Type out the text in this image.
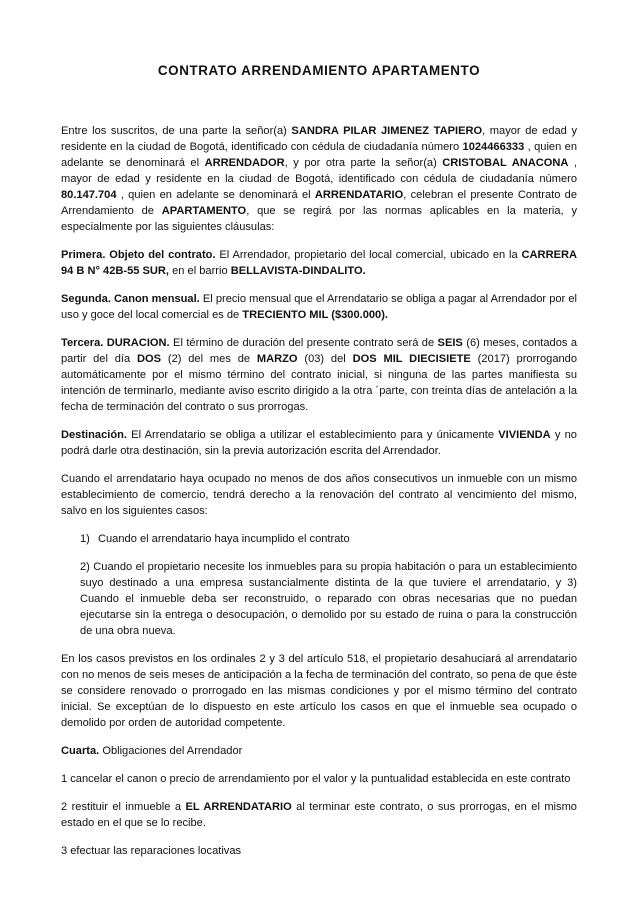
CONTRATO ARRENDAMIENTO APARTAMENTO

Entre los suscritos, de una parte la señor(a) SANDRA PILAR JIMENEZ TAPIERO, mayor de edad y residente en la ciudad de Bogotá, identificado con cédula de ciudadanía número 1024466333 , quien en adelante se denominará el ARRENDADOR, y por otra parte la señor(a) CRISTOBAL ANACONA , mayor de edad y residente en la ciudad de Bogotá, identificado con cédula de ciudadanía número 80.147.704 , quien en adelante se denominará el ARRENDATARIO, celebran el presente Contrato de Arrendamiento de APARTAMENTO, que se regirá por las normas aplicables en la materia, y especialmente por las siguientes cláusulas:

Primera. Objeto del contrato. El Arrendador, propietario del local comercial, ubicado en la CARRERA 94 B N° 42B-55 SUR, en el barrio BELLAVISTA-DINDALITO.

Segunda. Canon mensual. El precio mensual que el Arrendatario se obliga a pagar al Arrendador por el uso y goce del local comercial es de TRECIENTO MIL ($300.000).

Tercera. DURACION. El término de duración del presente contrato será de SEIS (6) meses, contados a partir del día DOS (2) del mes de MARZO (03) del DOS MIL DIECISIETE (2017) prorrogando automáticamente por el mismo término del contrato inicial, si ninguna de las partes manifiesta su intención de terminarlo, mediante aviso escrito dirigido a la otra ´parte, con treinta días de antelación a la fecha de terminación del contrato o sus prorrogas.

Destinación. El Arrendatario se obliga a utilizar el establecimiento para y únicamente VIVIENDA y no podrá darle otra destinación, sin la previa autorización escrita del Arrendador.

Cuando el arrendatario haya ocupado no menos de dos años consecutivos un inmueble con un mismo establecimiento de comercio, tendrá derecho a la renovación del contrato al vencimiento del mismo, salvo en los siguientes casos:

1) Cuando el arrendatario haya incumplido el contrato
2) Cuando el propietario necesite los inmuebles para su propia habitación o para un establecimiento suyo destinado a una empresa sustancialmente distinta de la que tuviere el arrendatario, y 3) Cuando el inmueble deba ser reconstruido, o reparado con obras necesarias que no puedan ejecutarse sin la entrega o desocupación, o demolido por su estado de ruina o para la construcción de una obra nueva.

En los casos previstos en los ordinales 2 y 3 del artículo 518, el propietario desahuciará al arrendatario con no menos de seis meses de anticipación a la fecha de terminación del contrato, so pena de que éste se considere renovado o prorrogado en las mismas condiciones y por el mismo término del contrato inicial. Se exceptúan de lo dispuesto en este artículo los casos en que el inmueble sea ocupado o demolido por orden de autoridad competente.

Cuarta. Obligaciones del Arrendador

1 cancelar el canon o precio de arrendamiento por el valor y la puntualidad establecida en este contrato

2 restituir el inmueble a EL ARRENDATARIO al terminar este contrato, o sus prorrogas, en el mismo estado en el que se lo recibe.

3 efectuar las reparaciones locativas
